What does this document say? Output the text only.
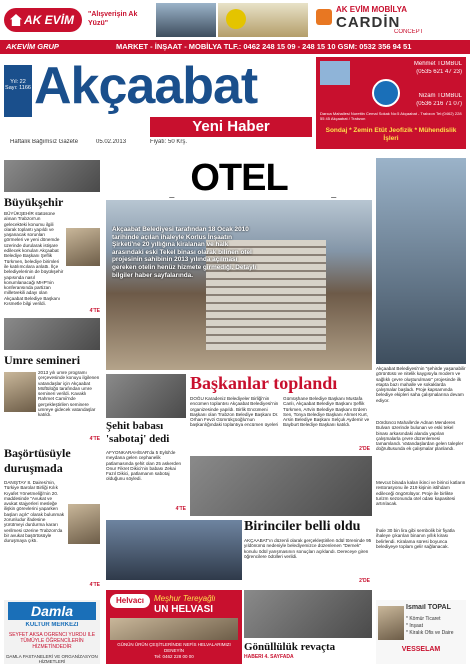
AK EVİM	"Alışverişin Ak Yüzü"
AK EVİM MOBİLYA
CARDİN
CONCEPT
AKEVİM GRUP	MARKET - İNŞAAT - MOBİLYA TLF.: 0462 248 15 09 - 248 15 10 GSM: 0532 356 94 51
Yıl: 22
Sayı: 1166 Akçaabat
Yeni Haber
Haftalık Bağımsız Gazete	05.02.2013	Fiyatı: 50 Krş.
Mehmet TOMBUL
(0535 621 47 23)
Nizam TOMBUL
(0536 216 71 07)
Darıca Mahallesi Nurettin Cemal Sokak No:5 Akçaabat - Trabzon Tel:(0462) 228 55 45 Akçaabat / Trabzon
Sondaj * Zemin Etüt Jeofizik * Mühendislik İşleri
Büyükşehir
BÜYÜKŞEHİR statüsüne alınan Trabzon'un gelecekteki konumu ilgili olarak toplantı yapıldı ve yaşanacak sorunları görmeleri ve yeni dönemde üzerinde durularak istişare edilecek konuları Akçaabat Belediye Başkanı Şeflik Türkmen, belediye birimleri ile katılımcılara anlattı. İlçe belediyelerinin de büyükşehir yapısında nasıl konumlanacağı MHP'nin konferansında partizan milletvekili adayı olan Akçaabat Belediye Başkanı Kısmetle bilgi verildi.
4'TE
Umre semineri
2013 yılı umre programı çerçevesinde konuyu ilgilenen vatandaşlar için Akçaabat Müftülüğü tarafından umre semineri verildi. Kavaklı Rahmet Camii'nde gerçekleştirilen seminere umreye gidecek vatandaşlar katıldı.
4'TE
Başörtüsüyle duruşmada
DANIŞTAY 8. Dairesi'nin, Türkiye Barolar Birliği Kılık Kıyafet Yönetmeliği'nin 20. maddesinde "Avukat ve avukat stajyerleri mesleğe ilişkin görevlerini yaparken başları açık" olarak bulunmak zorunludur ifadesine yürütmeyi durdurma kararı verilmesi üzerine Trabzon'da bir avukat başörtüsüyle duruşmaya çıktı.
4'TE
OTEL
Akçaabat Belediyesi tarafından 18 Ocak 2010 tarihinde açılan ihaleyle Korlus İnşaatın Şirketi'ne 20 yıllığına kiralanan ve halk arasındaki eski Tekel binası olarak bilinen otel projesinin sahibinin 2013 yılında açılması gereken otelin henüz hizmete girmediği. Detaylı bilgiler haber sayfalarında.
Akçaabat Belediyesi'nin "şehirde yaşanabilir görüntüsü ve nitelik kaygısıyla modern ve sağlıklı çevre oluşturulması" projesinde ilk etapta bazı mahalle ve sokaklarda çalışmalar başladı. Proje kapsamında belediye ekipleri saha çalışmalarına devam ediyor.
Dördüncü Mahalle'de Adnan Menderes Bulvarı üzerinde bulunan ve eski tekel binası arkasındaki alanda yapılan çalışmalarla çevre düzenlemesi tamamlandı. Vatandaşlardan gelen talepler doğrultusunda ek çalışmalar planlandı.
Mevcut binada kalan ikinci ve birinci katların restorasyonu ile 219 kişinin istihdam edileceği öngörülüyor. Proje ile birlikte turizm sezonunda otel odası kapasitesi artırılacak.
İhale 30 bin lira gibi sembolik bir fiyatla ihaleye çıkarılan binanın yıllık kirası belirlendi. Kiralama süresi boyunca belediyeye toplam gelir sağlanacak.
Başkanlar toplandı
DOĞU Karadeniz Belediyeler Birliği'nin encümen toplantısı Akçaabat Belediyesi'nin organizesinde yapıldı. Birlik Encümeni Başkanı olan Trabzon Belediye Başkanı Dr. Orhan Fevzi Gümrükçüoğlu'nun başkanlığındaki toplantıya encümen üyeleri Gümüşhane Belediye Başkanı Mustafa Canlı, Akçaabat Belediye Başkanı Şeflik Türkmen, Artvin Belediye Başkanı Erdem Sen, Tonya Belediye Başkanı Ahmet Kurt, Arsin Belediye Başkanı Selçuk Aydemir ve Bayburt Belediye Başkanı katıldı.
2'DE
Şehit babası 'sabotaj' dedi
AFYONKARAHİSAR'da 5 Eylül'de meydana gelen cephanelik patlamasında şehit olan 25 askerden Onur Fikret Dikici'nin babası Zekai Fazıl Dikici, patlamanın sabotaj olduğunu söyledi.
4'TE
Birinciler belli oldu
AKÇAABAT'ın düzenli olarak gerçekleştirilen ödül töreninde 95 yıldönümü nedeniyle belediyemizce düzenlenen "Dernek" konulu ödül yarışmasının sonuçları açıklandı. Dereceye giren öğrencilere ödülleri verildi.
2'DE
Damla
KÜLTÜR MERKEZİ
SEYFET AKSA ÖĞRENCİ YURDU İLE TÜMÜYLE ÖĞRENCİLERİN HİZMETİNDEDİR
DAMLA PASTANELERİ VE ORGANİZASYON HİZMETLERİ
Helvacı	Meşhur Tereyağlı
UN HELVASI
GÜNÜN ÜRÜN ÇEŞİTLERİNDE NEFİS HELVALARIMIZI DENEYİN
Tel: 0462 228 00 00
Gönüllülük revaçta
HABERİ 4. SAYFADA
İsmail TOPAL
* Kömür Ticaret
* İnşaat
* Kiralık Ofis ve Daire
VESSELAM
